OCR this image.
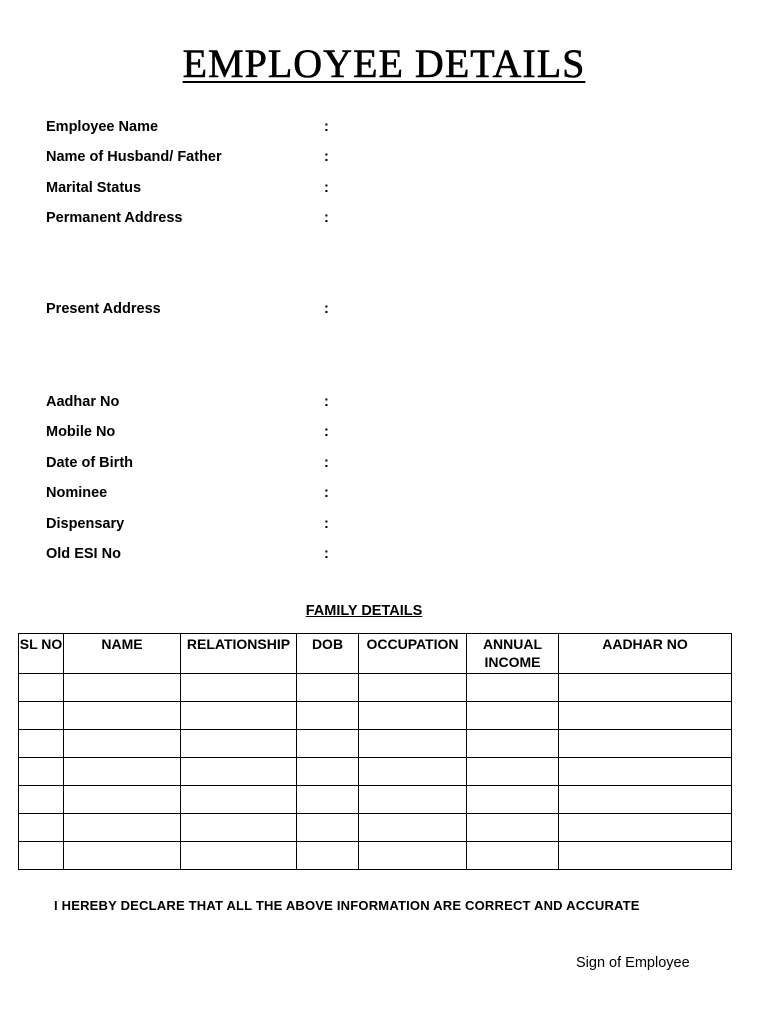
EMPLOYEE DETAILS
Employee Name	:
Name of Husband/ Father	:
Marital Status	:
Permanent Address	:
Present Address	:
Aadhar No	:
Mobile No	:
Date of Birth	:
Nominee	:
Dispensary	:
Old ESI No	:
FAMILY DETAILS
SL NO	NAME	RELATIONSHIP	DOB	OCCUPATION	ANNUAL INCOME	AADHAR NO

I HEREBY DECLARE THAT ALL THE ABOVE INFORMATION ARE CORRECT AND ACCURATE
Sign of Employee
